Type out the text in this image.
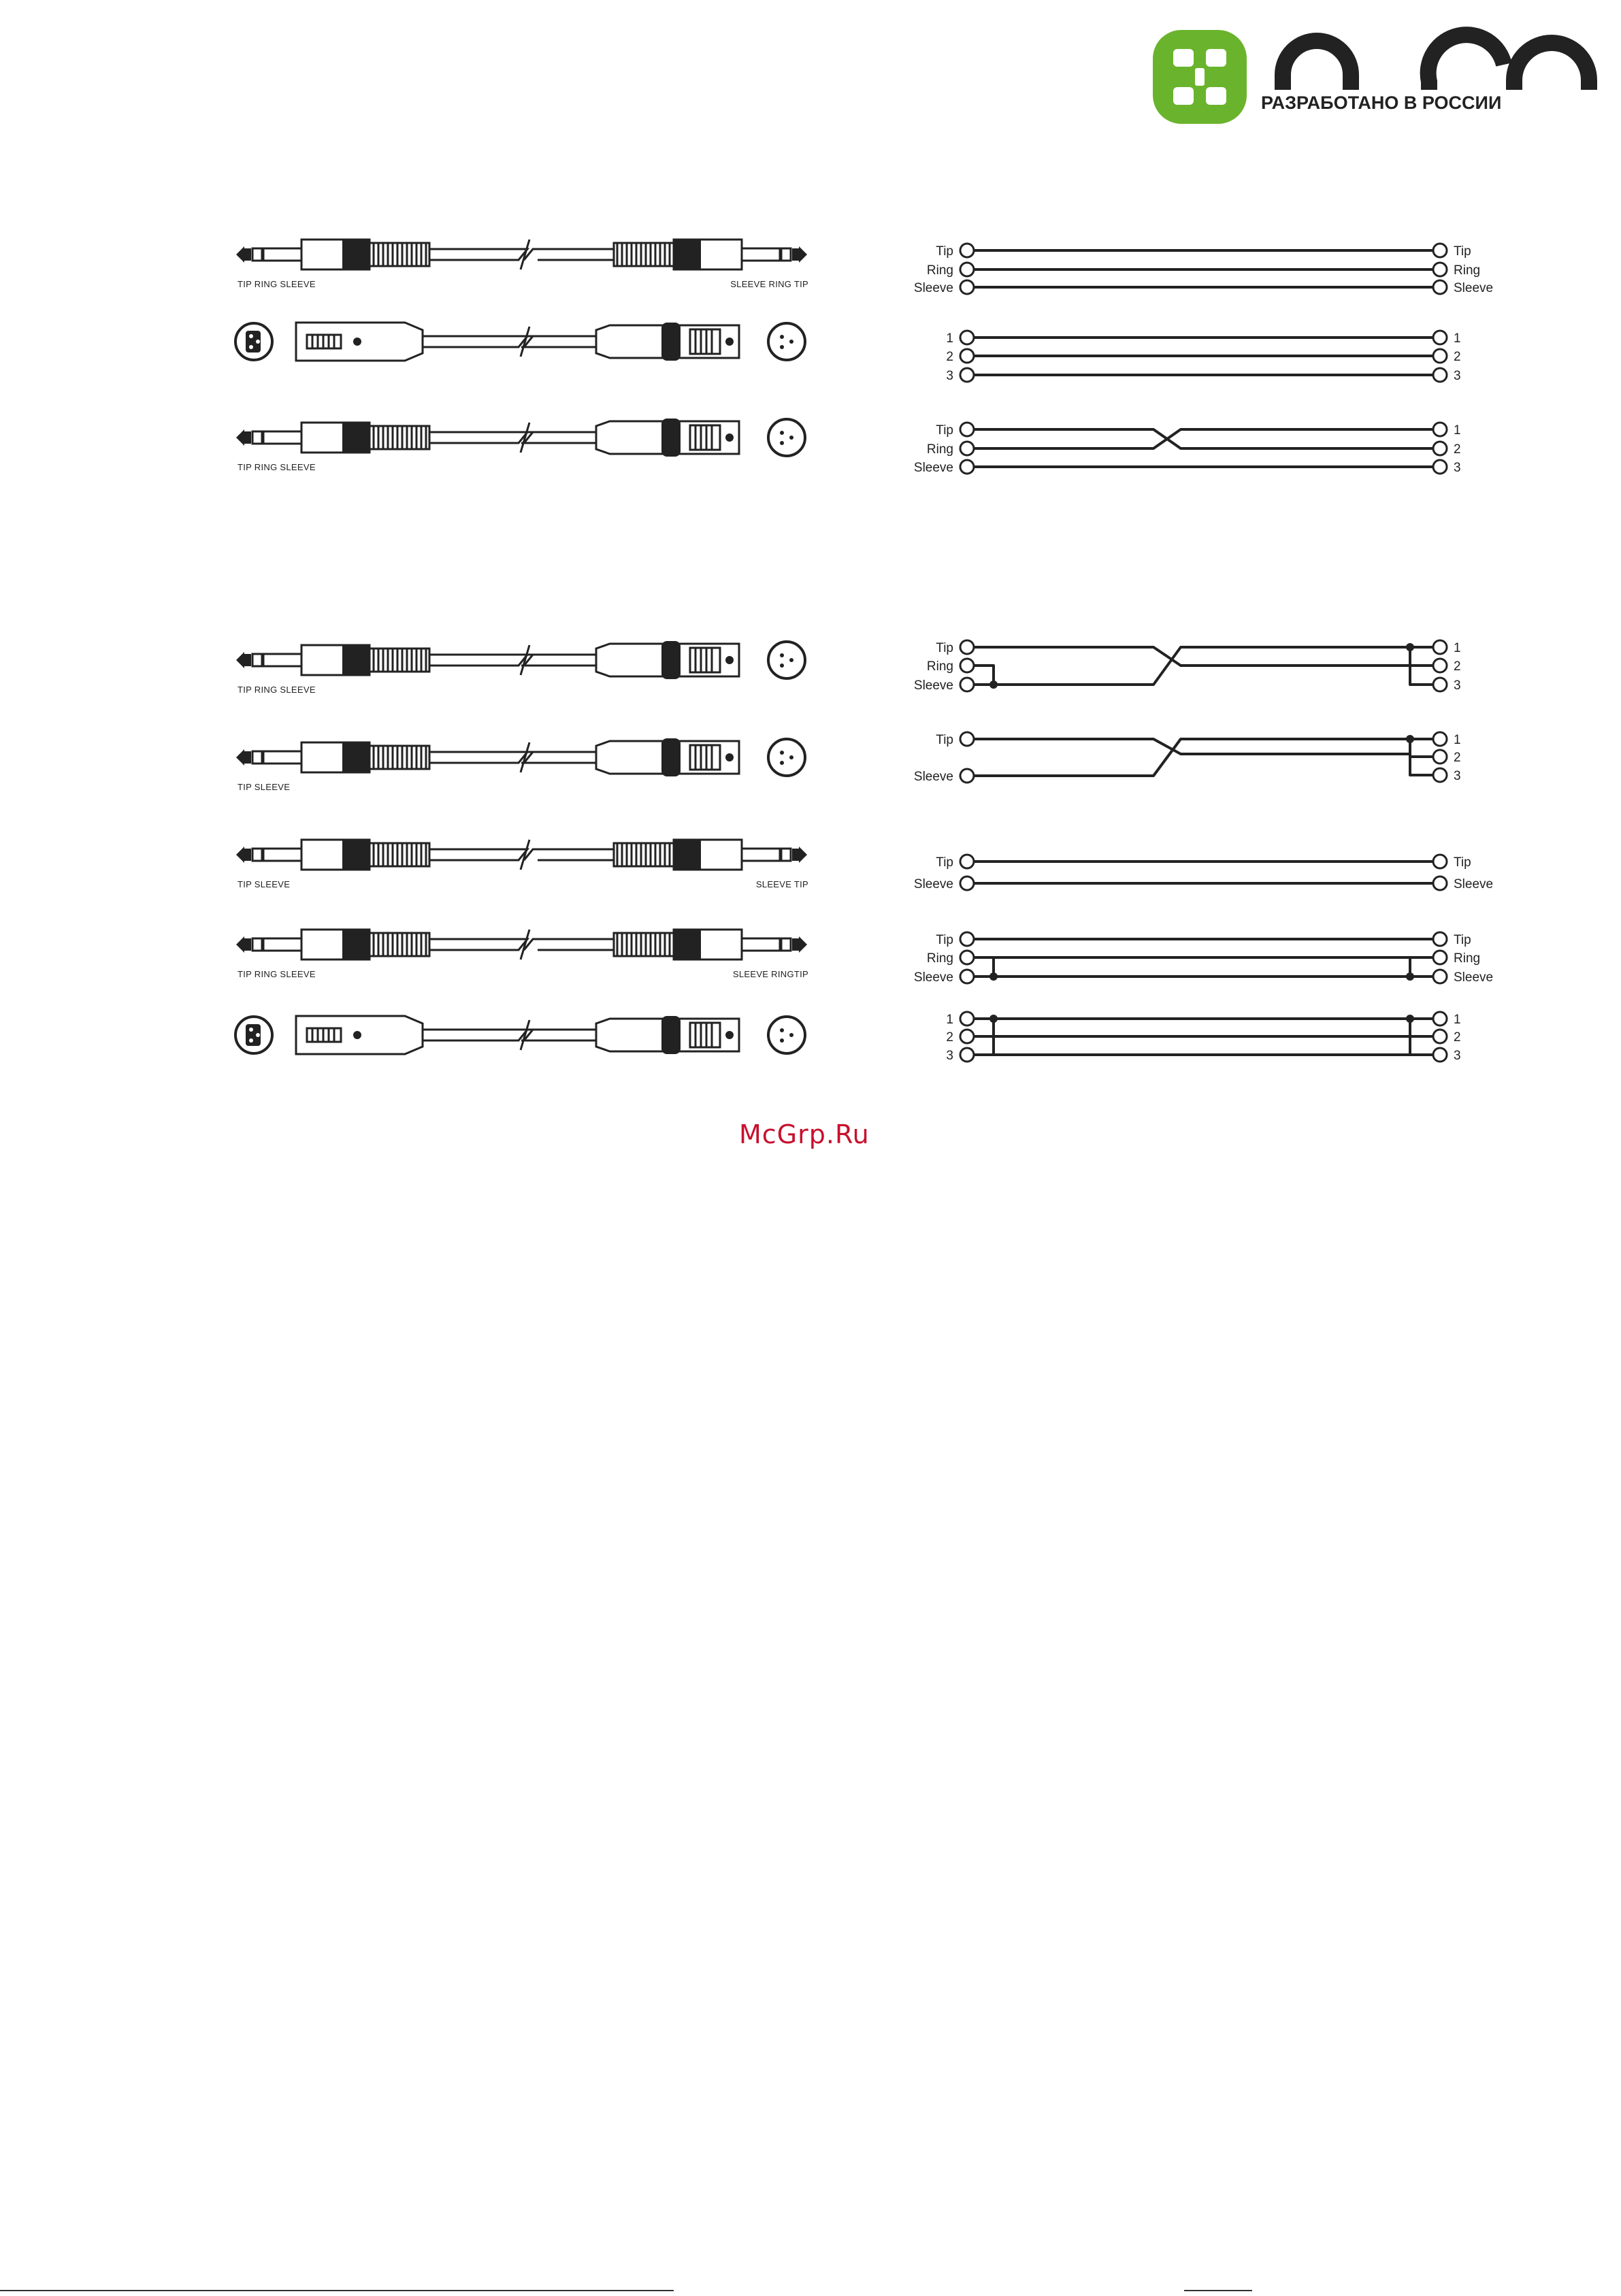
РАЗРАБОТАНО В РОССИИ
TIP RING SLEEVE	SLEEVE RING TIP
TIP RING SLEEVE
TIP RING SLEEVE
TIP SLEEVE
TIP SLEEVE	SLEEVE TIP
TIP RING SLEEVE	SLEEVE RINGTIP
Tip
Ring
Sleeve
Tip
Ring
Sleeve
1
2
3
1
2
3
Tip
Ring
Sleeve
1
2
3
Tip
Ring
Sleeve
1
2
3
Tip
Sleeve
1
2
3
Tip
Sleeve
Tip
Sleeve
Tip
Ring
Sleeve
Tip
Ring
Sleeve
1
2
3
1
2
3
McGrp.Ru
